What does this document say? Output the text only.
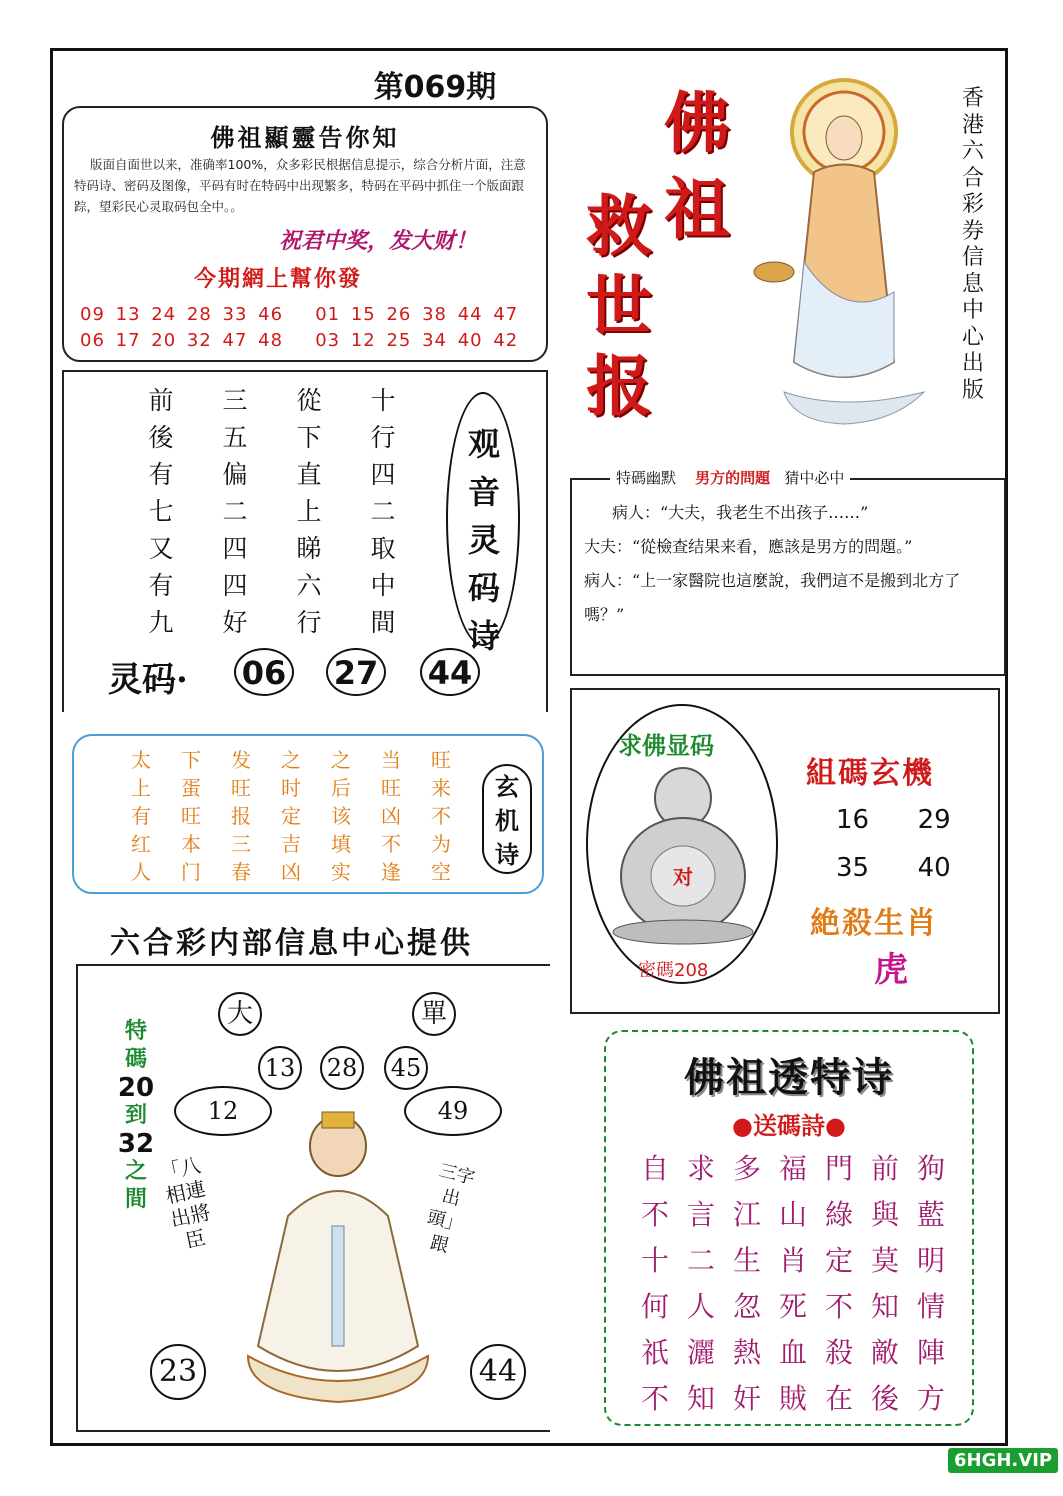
第069期
佛祖顯靈告你知
版面自面世以来，准确率100%，众多彩民根据信息提示，综合分析片面，注意特码诗、密码及图像，平码有时在特码中出现繁多，特码在平码中抓住一个版面跟踪，望彩民心灵取码包全中。。
祝君中奖，发大财！
今期網上幫你發
09 13 24 28 33 46   01 15 26 38 44 47
06 17 20 32 47 48   03 12 25 34 40 42
前	三	從	十
後	五	下	行
有	偏	直	四
七	二	上	二
又	四	睇	取
有	四	六	中
九	好	行	間
观音灵码诗
灵码· 06 27 44
太	下	发	之	之	当	旺
上	蛋	旺	时	后	旺	来
有	旺	报	定	该	凶	不
红	本	三	吉	填	不	为
人	门	春	凶	实	逢	空
玄机诗
六合彩内部信息中心提供
大	單
13 28 45
12	49
特碼
20
到
32
之間
「八相連出將臣
三字出頭」跟
23	44
佛祖
救世报
香港六合彩券信息中心出版
特碼幽默 男方的問題 猜中必中
病人：“大夫，我老生不出孩子……”
大夫：“從檢查结果来看，應該是男方的問題。”
病人：“上一家醫院也這麼說，我們這不是搬到北方了嗎？”
求佛显码
对
密碼208
組碼玄機
16  29
35  40
絶殺生肖
虎
佛祖透特诗
●送碼詩●
自 求 多 福 門 前 狗
不 言 江 山 綠 與 藍
十 二 生 肖 定 莫 明
何 人 忽 死 不 知 情
祇 灑 熱 血 殺 敵 陣
不 知 奸 賊 在 後 方
6HGH.VIP
